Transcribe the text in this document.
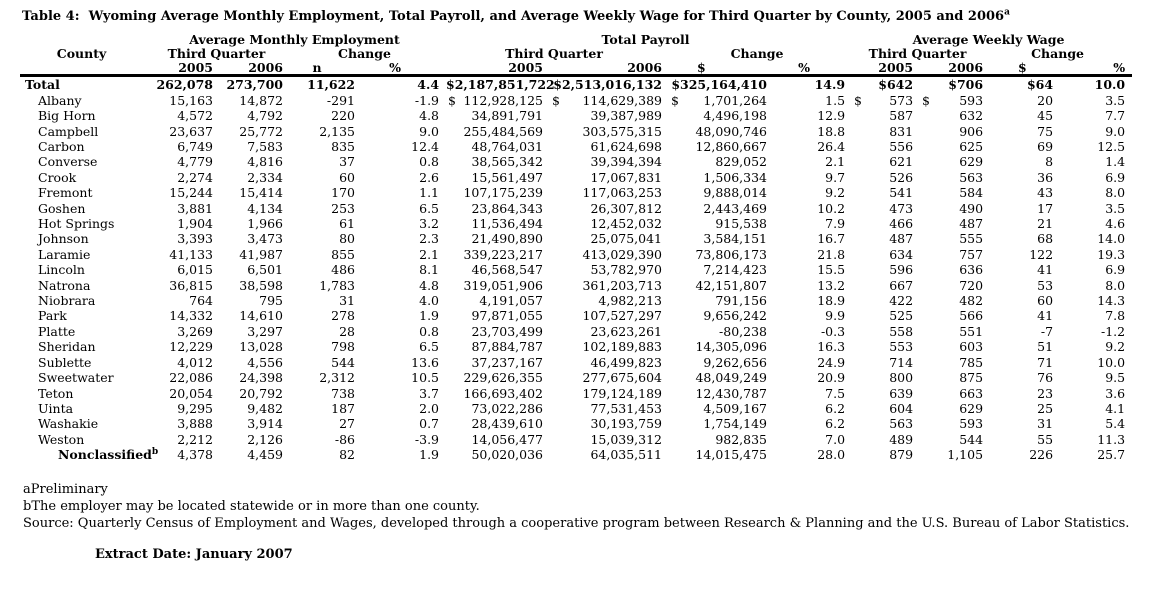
Table 4:  Wyoming Average Monthly Employment, Total Payroll, and Average Weekly Wage for Third Quarter by County, 2005 and 2006$^a$
	Average Monthly Employment				Total Payroll				Average Weekly Wage			
County	Third Quarter		Change		Third Quarter		Change		Third Quarter		Change	
	2005	2006	n	%	2005	2006	$	%	2005	2006	$	%
Total	262,078	273,700	11,622	4.4	$2,187,851,722	$2,513,016,132	$325,164,410	14.9	$642	$706	$64	10.0
Albany	15,163	14,872	-291	-1.9	$ 112,928,125	$ 114,629,389	$ 1,701,264	1.5	$ 573	$ 593	20	3.5
Big Horn	4,572	4,792	220	4.8	34,891,791	39,387,989	4,496,198	12.9	587	632	45	7.7
Campbell	23,637	25,772	2,135	9.0	255,484,569	303,575,315	48,090,746	18.8	831	906	75	9.0
Carbon	6,749	7,583	835	12.4	48,764,031	61,624,698	12,860,667	26.4	556	625	69	12.5
Converse	4,779	4,816	37	0.8	38,565,342	39,394,394	829,052	2.1	621	629	8	1.4
Crook	2,274	2,334	60	2.6	15,561,497	17,067,831	1,506,334	9.7	526	563	36	6.9
Fremont	15,244	15,414	170	1.1	107,175,239	117,063,253	9,888,014	9.2	541	584	43	8.0
Goshen	3,881	4,134	253	6.5	23,864,343	26,307,812	2,443,469	10.2	473	490	17	3.5
Hot Springs	1,904	1,966	61	3.2	11,536,494	12,452,032	915,538	7.9	466	487	21	4.6
Johnson	3,393	3,473	80	2.3	21,490,890	25,075,041	3,584,151	16.7	487	555	68	14.0
Laramie	41,133	41,987	855	2.1	339,223,217	413,029,390	73,806,173	21.8	634	757	122	19.3
Lincoln	6,015	6,501	486	8.1	46,568,547	53,782,970	7,214,423	15.5	596	636	41	6.9
Natrona	36,815	38,598	1,783	4.8	319,051,906	361,203,713	42,151,807	13.2	667	720	53	8.0
Niobrara	764	795	31	4.0	4,191,057	4,982,213	791,156	18.9	422	482	60	14.3
Park	14,332	14,610	278	1.9	97,871,055	107,527,297	9,656,242	9.9	525	566	41	7.8
Platte	3,269	3,297	28	0.8	23,703,499	23,623,261	-80,238	-0.3	558	551	-7	-1.2
Sheridan	12,229	13,028	798	6.5	87,884,787	102,189,883	14,305,096	16.3	553	603	51	9.2
Sublette	4,012	4,556	544	13.6	37,237,167	46,499,823	9,262,656	24.9	714	785	71	10.0
Sweetwater	22,086	24,398	2,312	10.5	229,626,355	277,675,604	48,049,249	20.9	800	875	76	9.5
Teton	20,054	20,792	738	3.7	166,693,402	179,124,189	12,430,787	7.5	639	663	23	3.6
Uinta	9,295	9,482	187	2.0	73,022,286	77,531,453	4,509,167	6.2	604	629	25	4.1
Washakie	3,888	3,914	27	0.7	28,439,610	30,193,759	1,754,149	6.2	563	593	31	5.4
Weston	2,212	2,126	-86	-3.9	14,056,477	15,039,312	982,835	7.0	489	544	55	11.3
Nonclassified$^b$	4,378	4,459	82	1.9	50,020,036	64,035,511	14,015,475	28.0	879	1,105	226	25.7
aPreliminary
bThe employer may be located statewide or in more than one county.
Source: Quarterly Census of Employment and Wages, developed through a cooperative program between Research & Planning and the U.S. Bureau of Labor Statistics.
Extract Date: January 2007
